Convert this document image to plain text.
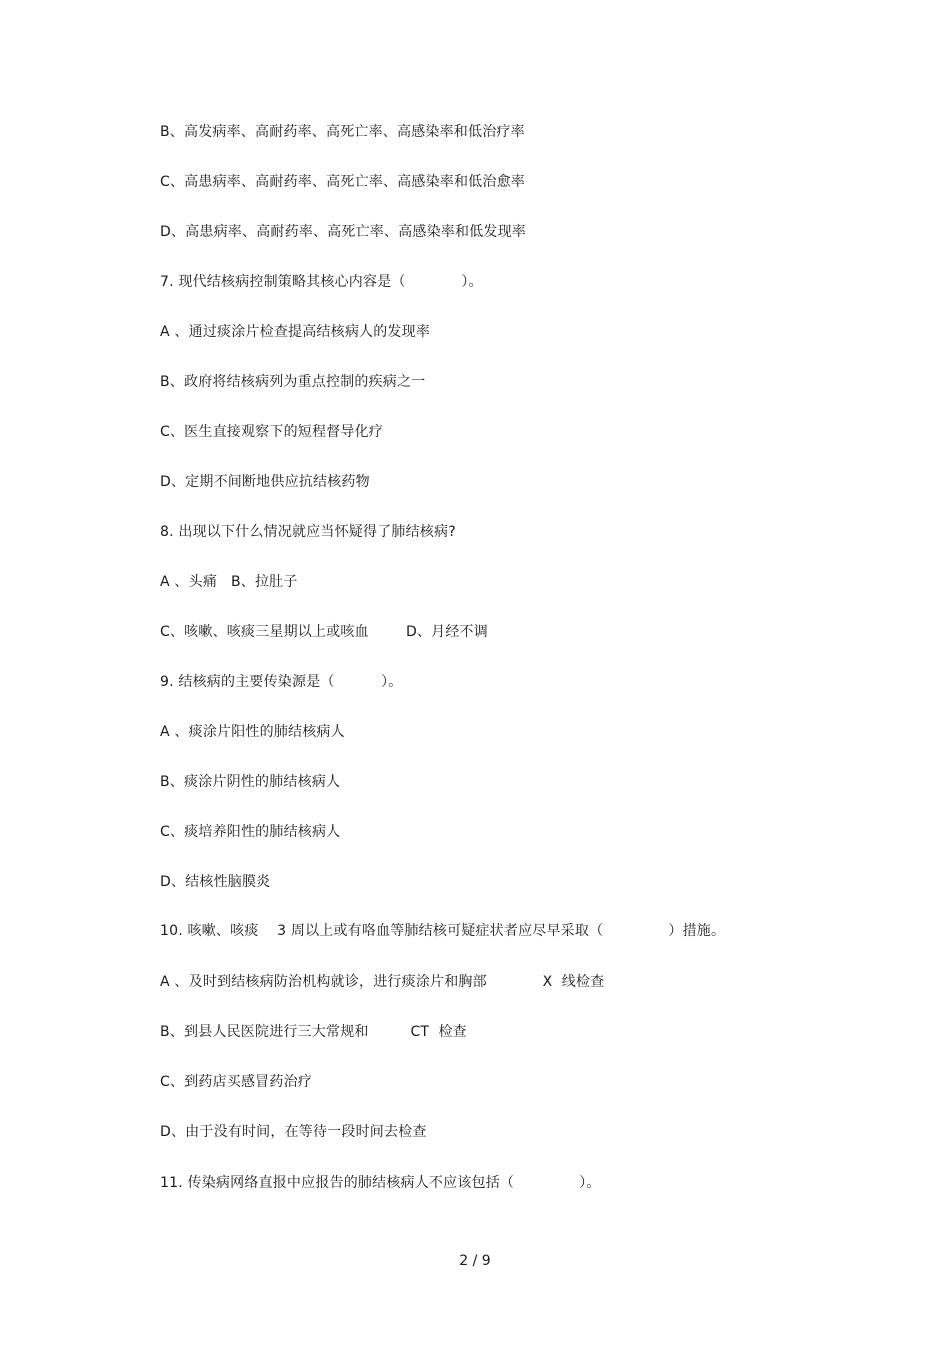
B、高发病率、高耐药率、高死亡率、高感染率和低治疗率
C、高患病率、高耐药率、高死亡率、高感染率和低治愈率
D、高患病率、高耐药率、高死亡率、高感染率和低发现率
7. 现代结核病控制策略其核心内容是（            ）。
A 、通过痰涂片检查提高结核病人的发现率
B、政府将结核病列为重点控制的疾病之一
C、医生直接观察下的短程督导化疗
D、定期不间断地供应抗结核药物
8. 出现以下什么情况就应当怀疑得了肺结核病?
A 、头痛   B、拉肚子
C、咳嗽、咳痰三星期以上或咳血        D、月经不调
9. 结核病的主要传染源是（          ）。
A 、痰涂片阳性的肺结核病人
B、痰涂片阴性的肺结核病人
C、痰培养阳性的肺结核病人
D、结核性脑膜炎
10. 咳嗽、咳痰    3 周以上或有咯血等肺结核可疑症状者应尽早采取（              ）措施。
A 、及时到结核病防治机构就诊，进行痰涂片和胸部            X  线检查
B、到县人民医院进行三大常规和         CT  检查
C、到药店买感冒药治疗
D、由于没有时间，在等待一段时间去检查
11. 传染病网络直报中应报告的肺结核病人不应该包括（              ）。
2 / 9
